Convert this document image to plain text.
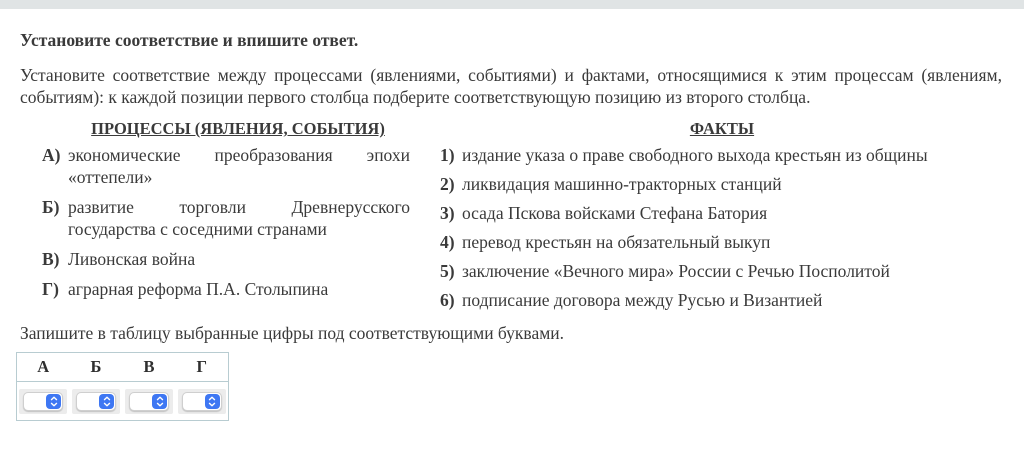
Установите соответствие и впишите ответ.
Установите соответствие между процессами (явлениями, событиями) и фактами, относящимися к этим процессам (явлениям, событиям): к каждой позиции первого столбца подберите соответствующую позицию из второго столбца.
ПРОЦЕССЫ (ЯВЛЕНИЯ, СОБЫТИЯ)
А) экономические преобразования эпохи «оттепели»
Б) развитие торговли Древнерусского государства с соседними странами
В) Ливонская война
Г) аграрная реформа П.А. Столыпина
ФАКТЫ
1) издание указа о праве свободного выхода крестьян из общины
2) ликвидация машинно-тракторных станций
3) осада Пскова войсками Стефана Батория
4) перевод крестьян на обязательный выкуп
5) заключение «Вечного мира» России с Речью Посполитой
6) подписание договора между Русью и Византией
Запишите в таблицу выбранные цифры под соответствующими буквами.
А	Б	В	Г
